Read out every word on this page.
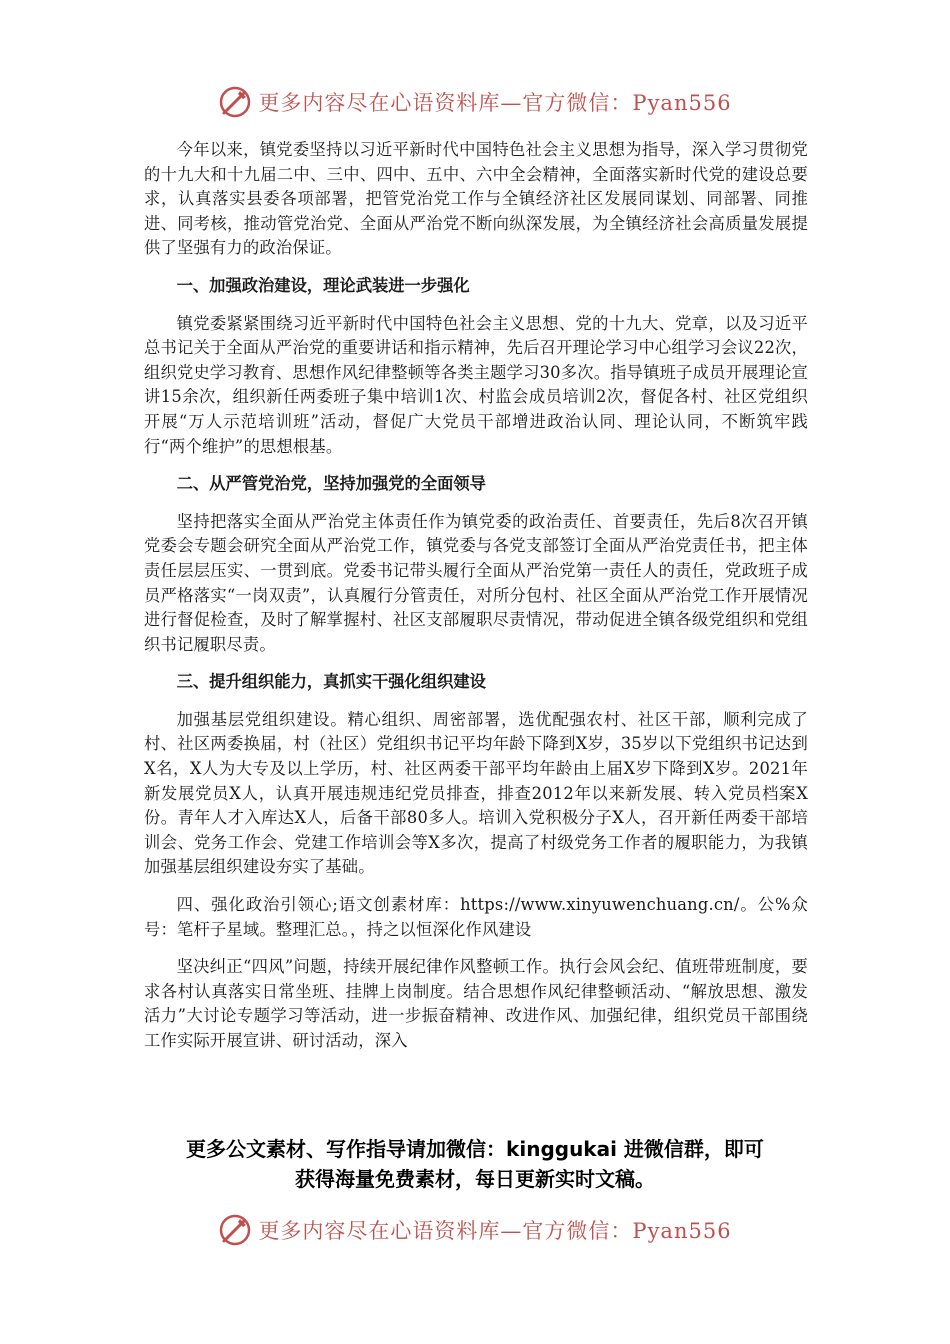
更多内容尽在心语资料库—官方微信：Pyan556

今年以来，镇党委坚持以习近平新时代中国特色社会主义思想为指导，深入学习贯彻党的十九大和十九届二中、三中、四中、五中、六中全会精神，全面落实新时代党的建设总要求，认真落实县委各项部署，把管党治党工作与全镇经济社区发展同谋划、同部署、同推进、同考核，推动管党治党、全面从严治党不断向纵深发展，为全镇经济社会高质量发展提供了坚强有力的政治保证。

一、加强政治建设，理论武装进一步强化

镇党委紧紧围绕习近平新时代中国特色社会主义思想、党的十九大、党章，以及习近平总书记关于全面从严治党的重要讲话和指示精神，先后召开理论学习中心组学习会议22次，组织党史学习教育、思想作风纪律整顿等各类主题学习30多次。指导镇班子成员开展理论宣讲15余次，组织新任两委班子集中培训1次、村监会成员培训2次，督促各村、社区党组织开展“万人示范培训班”活动，督促广大党员干部增进政治认同、理论认同，不断筑牢践行“两个维护”的思想根基。

二、从严管党治党，坚持加强党的全面领导

坚持把落实全面从严治党主体责任作为镇党委的政治责任、首要责任，先后8次召开镇党委会专题会研究全面从严治党工作，镇党委与各党支部签订全面从严治党责任书，把主体责任层层压实、一贯到底。党委书记带头履行全面从严治党第一责任人的责任，党政班子成员严格落实“一岗双责”，认真履行分管责任，对所分包村、社区全面从严治党工作开展情况进行督促检查，及时了解掌握村、社区支部履职尽责情况，带动促进全镇各级党组织和党组织书记履职尽责。

三、提升组织能力，真抓实干强化组织建设

加强基层党组织建设。精心组织、周密部署，选优配强农村、社区干部，顺利完成了村、社区两委换届，村（社区）党组织书记平均年龄下降到X岁，35岁以下党组织书记达到X名，X人为大专及以上学历，村、社区两委干部平均年龄由上届X岁下降到X岁。2021年新发展党员X人，认真开展违规违纪党员排查，排查2012年以来新发展、转入党员档案X份。青年人才入库达X人，后备干部80多人。培训入党积极分子X人，召开新任两委干部培训会、党务工作会、党建工作培训会等X多次，提高了村级党务工作者的履职能力，为我镇加强基层组织建设夯实了基础。

四、强化政治引领心;语文创素材库：https://www.xinyuwenchuang.cn/。公%众号：笔杆子星域。整理汇总。，持之以恒深化作风建设

坚决纠正“四风”问题，持续开展纪律作风整顿工作。执行会风会纪、值班带班制度，要求各村认真落实日常坐班、挂牌上岗制度。结合思想作风纪律整顿活动、“解放思想、激发活力”大讨论专题学习等活动，进一步振奋精神、改进作风、加强纪律，组织党员干部围绕工作实际开展宣讲、研讨活动，深入

更多公文素材、写作指导请加微信：kinggukai 进微信群，即可
获得海量免费素材，每日更新实时文稿。
更多内容尽在心语资料库—官方微信：Pyan556
